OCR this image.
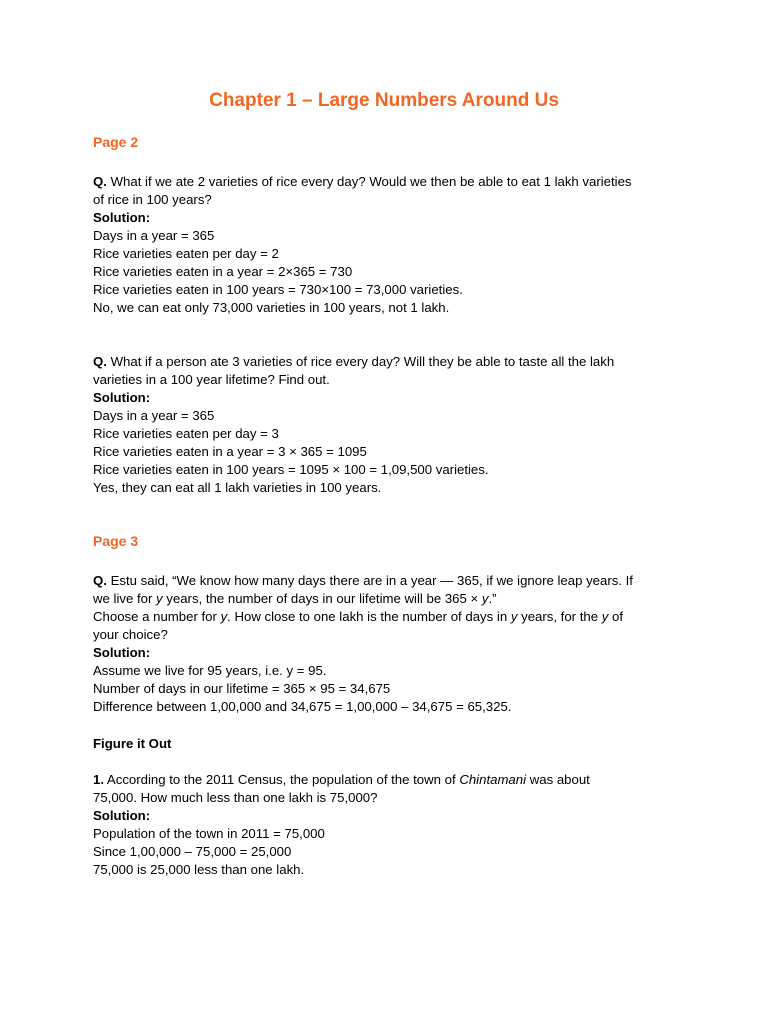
Chapter 1 – Large Numbers Around Us

Page 2

Q. What if we ate 2 varieties of rice every day? Would we then be able to eat 1 lakh varieties

of rice in 100 years?

Solution:

Days in a year = 365

Rice varieties eaten per day = 2

Rice varieties eaten in a year = 2×365 = 730

Rice varieties eaten in 100 years = 730×100 = 73,000 varieties.

No, we can eat only 73,000 varieties in 100 years, not 1 lakh.

Q. What if a person ate 3 varieties of rice every day? Will they be able to taste all the lakh

varieties in a 100 year lifetime? Find out.

Solution:

Days in a year = 365

Rice varieties eaten per day = 3

Rice varieties eaten in a year = 3 × 365 = 1095

Rice varieties eaten in 100 years = 1095 × 100 = 1,09,500 varieties.

Yes, they can eat all 1 lakh varieties in 100 years.

Page 3

Q. Estu said, “We know how many days there are in a year — 365, if we ignore leap years. If

we live for y years, the number of days in our lifetime will be 365 × y.”

Choose a number for y. How close to one lakh is the number of days in y years, for the y of

your choice?

Solution:

Assume we live for 95 years, i.e. y = 95.

Number of days in our lifetime = 365 × 95 = 34,675

Difference between 1,00,000 and 34,675 = 1,00,000 – 34,675 = 65,325.

Figure it Out

1. According to the 2011 Census, the population of the town of Chintamani was about

75,000. How much less than one lakh is 75,000?

Solution:

Population of the town in 2011 = 75,000

Since 1,00,000 – 75,000 = 25,000

75,000 is 25,000 less than one lakh.
